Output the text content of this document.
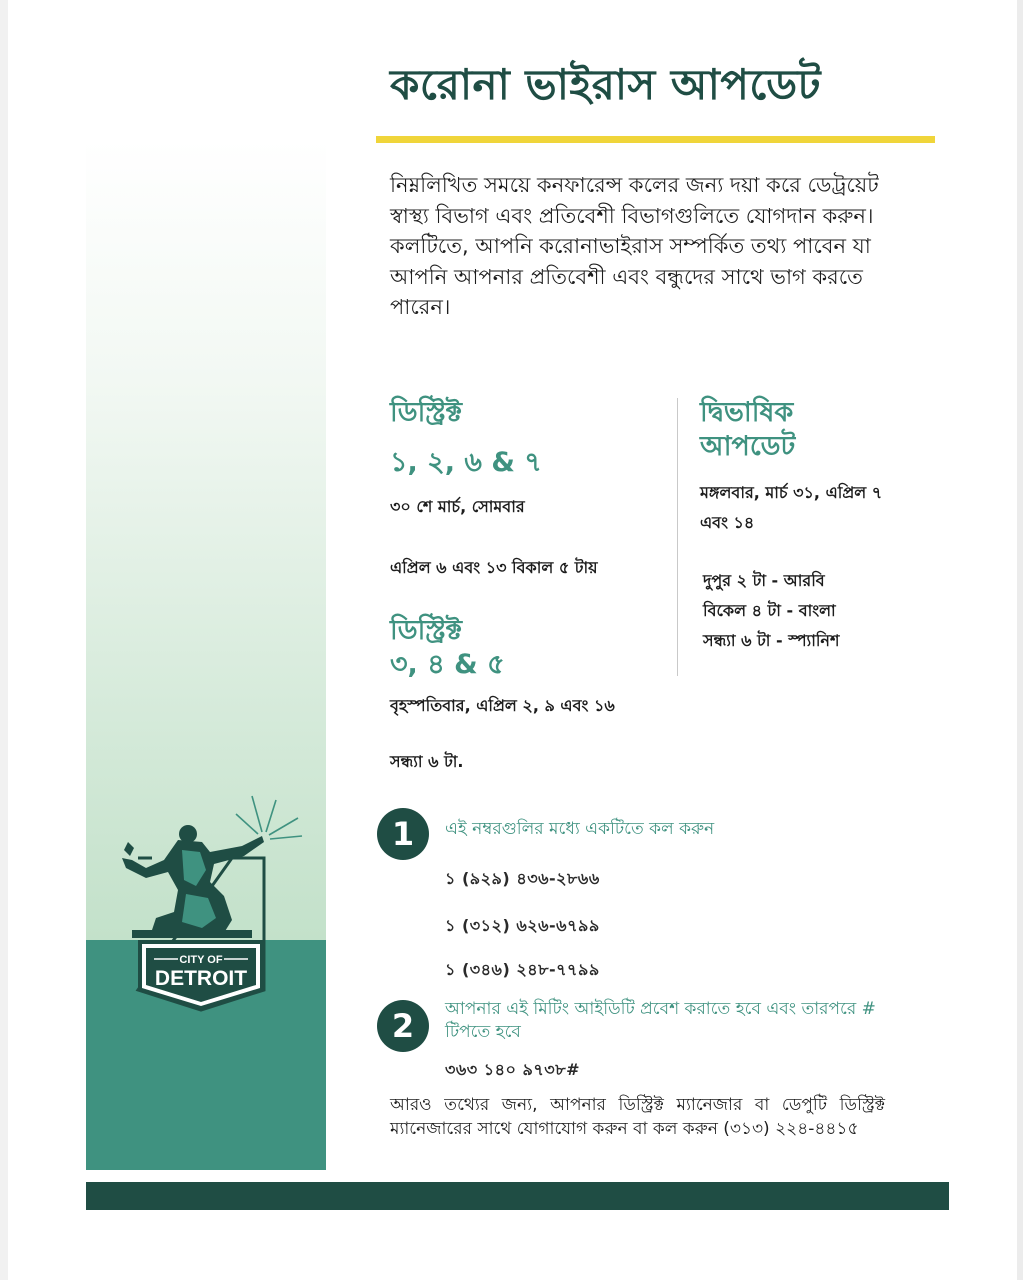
CITY OF
DETROIT
করোনা ভাইরাস আপডেট

নিম্নলিখিত সময়ে কনফারেন্স কলের জন্য দয়া করে ডেট্রয়েট স্বাস্থ্য বিভাগ এবং প্রতিবেশী বিভাগগুলিতে যোগদান করুন। কলটিতে, আপনি করোনাভাইরাস সম্পর্কিত তথ্য পাবেন যা আপনি আপনার প্রতিবেশী এবং বন্ধুদের সাথে ভাগ করতে পারেন।

ডিস্ট্রিক্ট
১, ২, ৬ & ৭

৩০ শে মার্চ, সোমবার

এপ্রিল ৬ এবং ১৩ বিকাল ৫ টায়

ডিস্ট্রিক্ট
৩, ৪ & ৫

বৃহস্পতিবার, এপ্রিল ২, ৯ এবং ১৬

সন্ধ্যা ৬ টা.

দ্বিভাষিক আপডেট

মঙ্গলবার, মার্চ ৩১, এপ্রিল ৭ এবং ১৪

দুপুর ২ টা - আরবি

বিকেল ৪ টা - বাংলা

সন্ধ্যা ৬ টা - স্প্যানিশ

1	এই নম্বরগুলির মধ্যে একটিতে কল করুন

১ (৯২৯) ৪৩৬-২৮৬৬

১ (৩১২) ৬২৬-৬৭৯৯

১ (৩৪৬) ২৪৮-৭৭৯৯

2	আপনার এই মিটিং আইডিটি প্রবেশ করাতে হবে এবং তারপরে # টিপতে হবে

৩৬৩ ১৪০ ৯৭৩৮#

আরও তথ্যের জন্য, আপনার ডিস্ট্রিক্ট ম্যানেজার বা ডেপুটি ডিস্ট্রিক্ট ম্যানেজারের সাথে যোগাযোগ করুন বা কল করুন (৩১৩) ২২৪-৪৪১৫
